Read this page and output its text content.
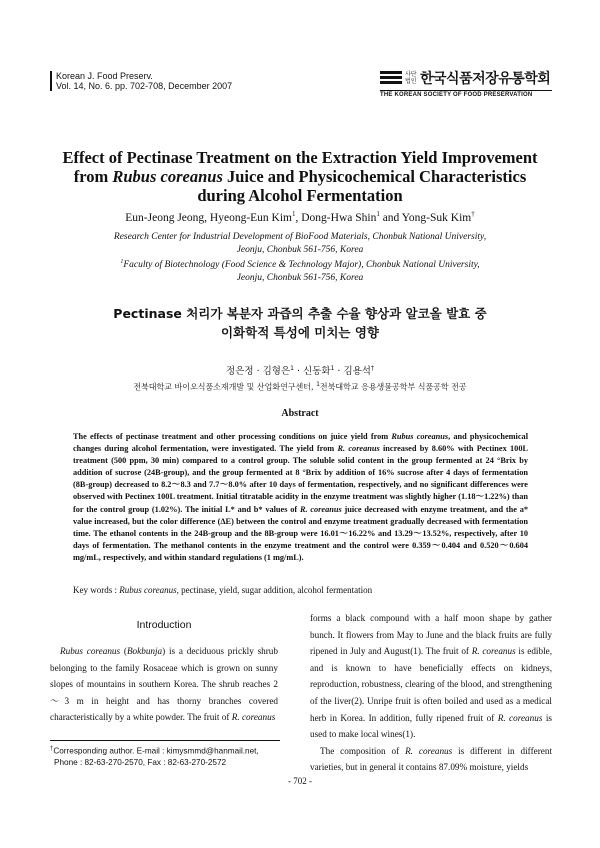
Korean J. Food Preserv.
Vol. 14, No. 6. pp. 702-708, December 2007
사단 법인 한국식품저장유통학회
THE KOREAN SOCIETY OF FOOD PRESERVATION
Effect of Pectinase Treatment on the Extraction Yield Improvement
from Rubus coreanus Juice and Physicochemical Characteristics
during Alcohol Fermentation
Eun-Jeong Jeong, Hyeong-Eun Kim$^1$, Dong-Hwa Shin$^1$ and Yong-Suk Kim†
Research Center for Industrial Development of BioFood Materials, Chonbuk National University,
Jeonju, Chonbuk 561-756, Korea
$^1$Faculty of Biotechnology (Food Science & Technology Major), Chonbuk National University,
Jeonju, Chonbuk 561-756, Korea
Pectinase 처리가 복분자 과즙의 추출 수율 향상과 알코올 발효 중
이화학적 특성에 미치는 영향
정은정 · 김형은$^1$ · 신동화$^1$ · 김용석†
전북대학교 바이오식품소재개발 및 산업화연구센터, $^1$전북대학교 응용생물공학부 식품공학 전공
Abstract
The effects of pectinase treatment and other processing conditions on juice yield from Rubus coreanus, and physicochemical changes during alcohol fermentation, were investigated. The yield from R. coreanus increased by 8.60% with Pectinex 100L treatment (500 ppm, 30 min) compared to a control group. The soluble solid content in the group fermented at 24 °Brix by addition of sucrose (24B-group), and the group fermented at 8 °Brix by addition of 16% sucrose after 4 days of fermentation (8B-group) decreased to 8.2～8.3 and 7.7～8.0% after 10 days of fermentation, respectively, and no significant differences were observed with Pectinex 100L treatment. Initial titratable acidity in the enzyme treatment was slightly higher (1.18～1.22%) than for the control group (1.02%). The initial L* and b* values of R. coreanus juice decreased with enzyme treatment, and the a* value increased, but the color difference (ΔE) between the control and enzyme treatment gradually decreased with fermentation time. The ethanol contents in the 24B-group and the 8B-group were 16.01～16.22% and 13.29～13.52%, respectively, after 10 days of fermentation. The methanol contents in the enzyme treatment and the control were 0.359～0.404 and 0.520～0.604 mg/mL, respectively, and within standard regulations (1 mg/mL).
Key words : Rubus coreanus, pectinase, yield, sugar addition, alcohol fermentation
Introduction

Rubus coreanus (Bokbunja) is a deciduous prickly shrub belonging to the family Rosaceae which is grown on sunny slopes of mountains in southern Korea. The shrub reaches 2～3 m in height and has thorny branches covered characteristically by a white powder. The fruit of R. coreanus

forms a black compound with a half moon shape by gather bunch. It flowers from May to June and the black fruits are fully ripened in July and August(1). The fruit of R. coreanus is edible, and is known to have beneficially effects on kidneys, reproduction, robustness, clearing of the blood, and strengthening of the liver(2). Unripe fruit is often boiled and used as a medical herb in Korea. In addition, fully ripened fruit of R. coreanus is used to make local wines(1).

The composition of R. coreanus is different in different varieties, but in general it contains 87.09% moisture, yields

†Corresponding author. E-mail : kimysmmd@hanmail.net,
Phone : 82-63-270-2570, Fax : 82-63-270-2572
- 702 -
